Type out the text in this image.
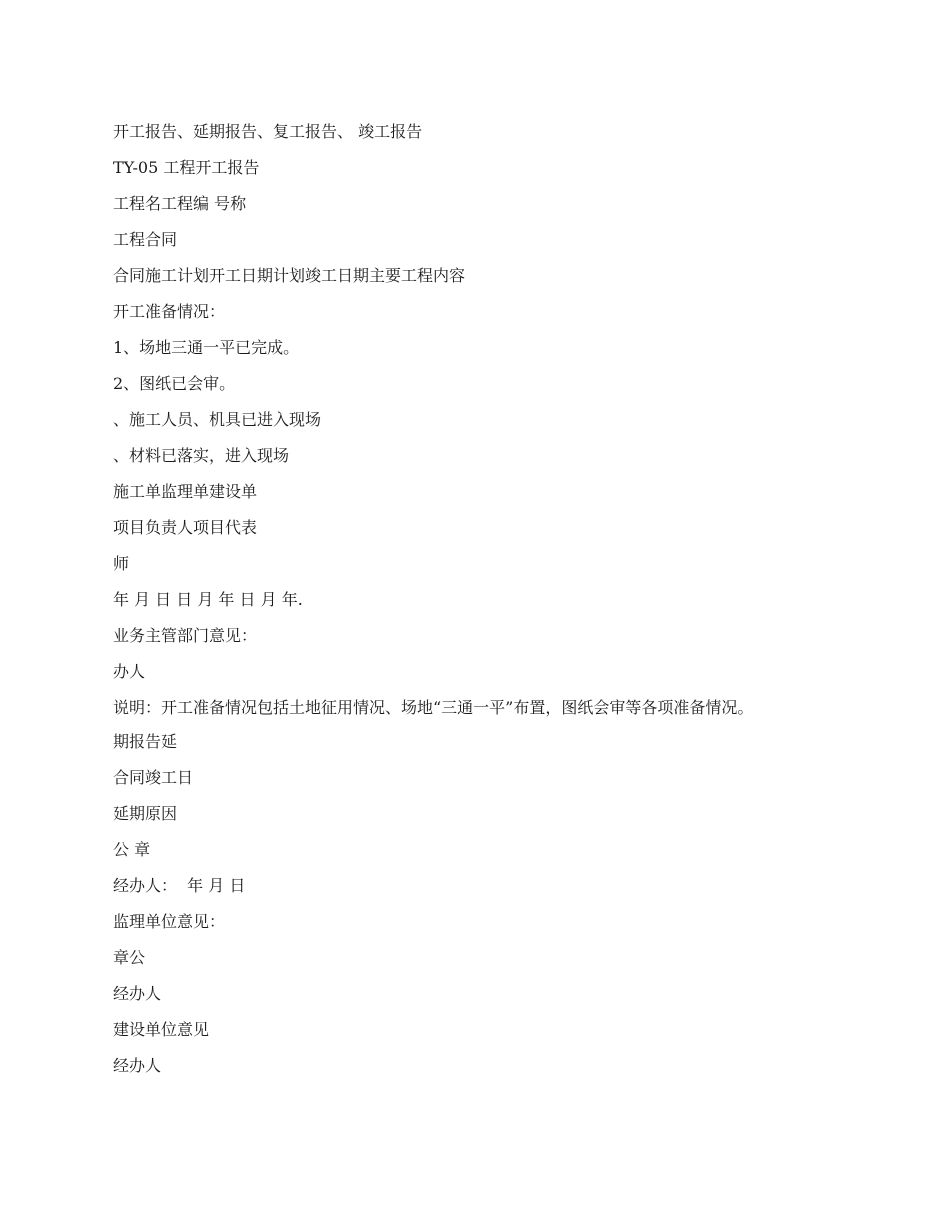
开工报告、延期报告、复工报告、 竣工报告

TY-05 工程开工报告

工程名工程编 号称

工程合同

合同施工计划开工日期计划竣工日期主要工程内容

开工准备情况：

1、场地三通一平已完成。

2、图纸已会审。

、施工人员、机具已进入现场

、材料已落实，进入现场

施工单监理单建设单

项目负责人项目代表

师

年 月 日 日 月 年 日 月 年.

业务主管部门意见：

办人

说明：开工准备情况包括土地征用情况、场地“三通一平”布置，图纸会审等各项准备情况。

期报告延

合同竣工日

延期原因

公 章

经办人：  年 月 日

监理单位意见：

章公

经办人

建设单位意见

经办人
